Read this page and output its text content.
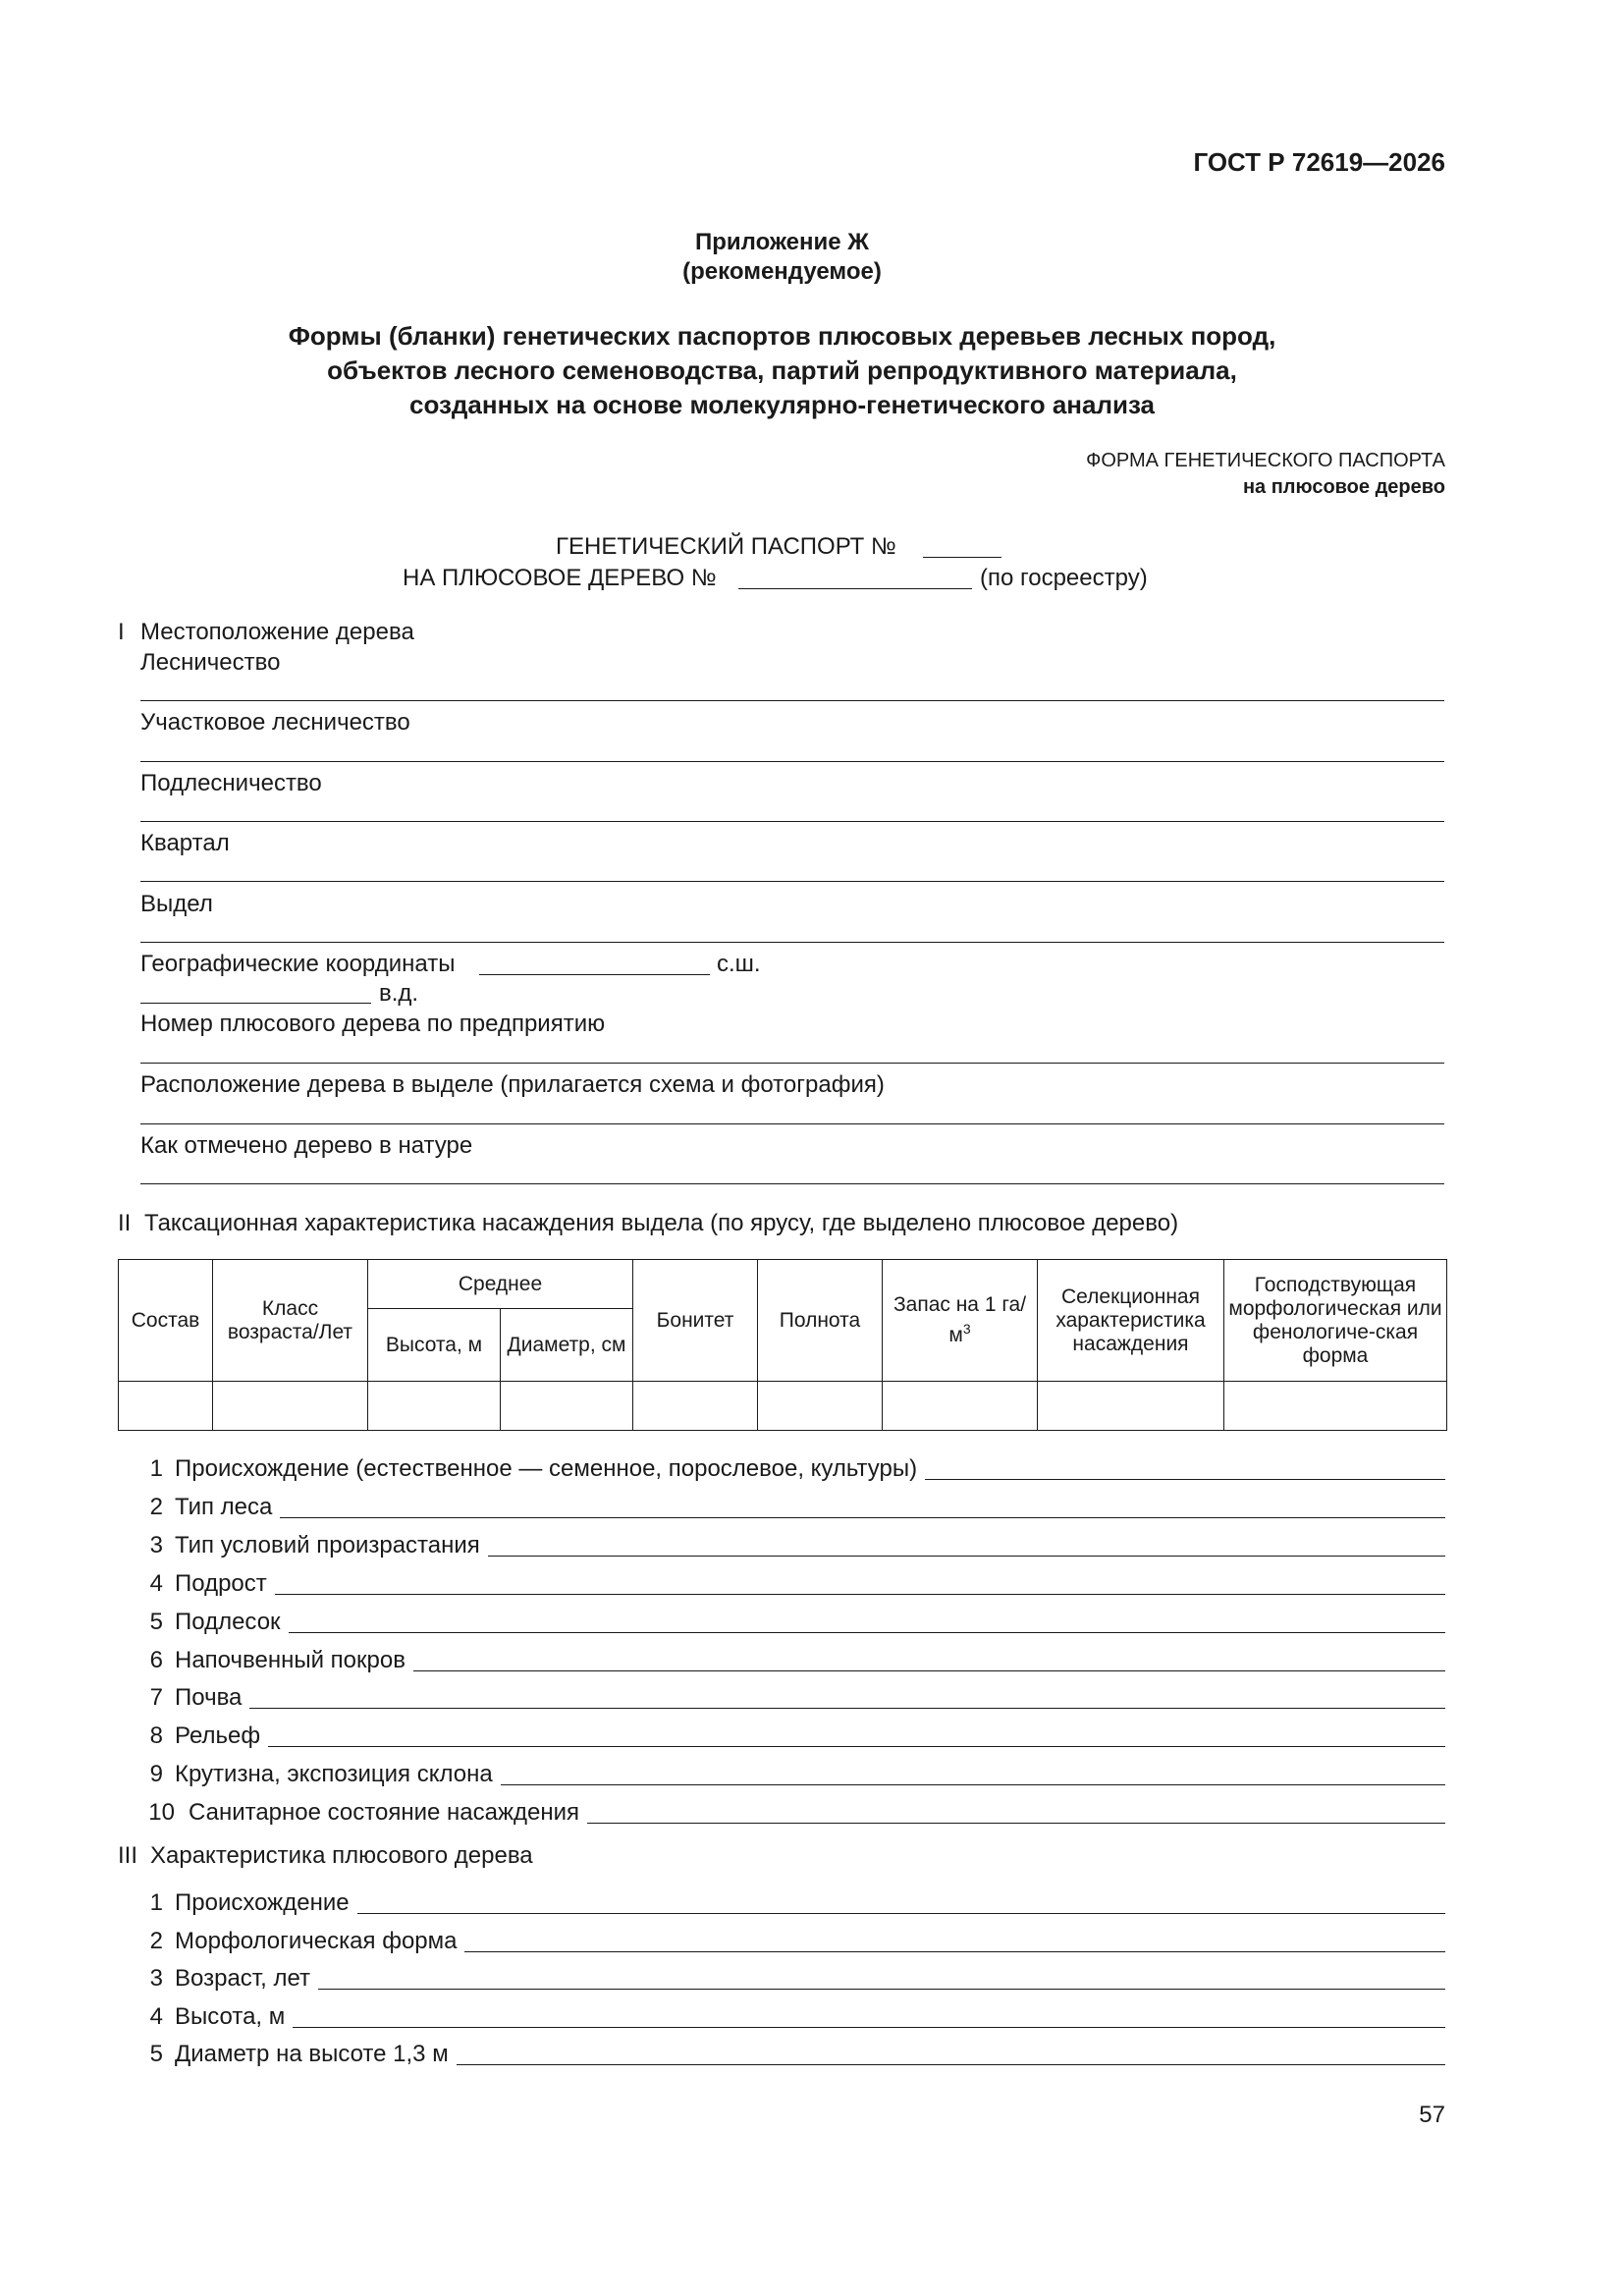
ГОСТ Р 72619—2026
Приложение Ж
(рекомендуемое)
Формы (бланки) генетических паспортов плюсовых деревьев лесных пород,
объектов лесного семеноводства, партий репродуктивного материала,
созданных на основе молекулярно-генетического анализа
ФОРМА ГЕНЕТИЧЕСКОГО ПАСПОРТА
на плюсовое дерево
ГЕНЕТИЧЕСКИЙ ПАСПОРТ №
НА ПЛЮСОВОЕ ДЕРЕВО №	(по госреестру)
I Местоположение дерева
Лесничество
Участковое лесничество
Подлесничество
Квартал
Выдел
Географические координаты	с.ш.
в.д.
Номер плюсового дерева по предприятию
Расположение дерева в выделе (прилагается схема и фотография)
Как отмечено дерево в натуре
II Таксационная характеристика насаждения выдела (по ярусу, где выделено плюсовое дерево)
Состав	Класс возраста/Лет	Среднее		Бонитет	Полнота	Запас на 1 $га/м^3$	Селекционная характеристика насаждения	Господствующая морфологическая или фенологиче-ская форма
		Высота, м	Диаметр, см					

1 Происхождение (естественное — семенное, порослевое, культуры)
2 Тип леса
3 Тип условий произрастания
4 Подрост
5 Подлесок
6 Напочвенный покров
7 Почва
8 Рельеф
9 Крутизна, экспозиция склона
10 Санитарное состояние насаждения
III Характеристика плюсового дерева
1 Происхождение
2 Морфологическая форма
3 Возраст, лет
4 Высота, м
5 Диаметр на высоте 1,3 м
57
